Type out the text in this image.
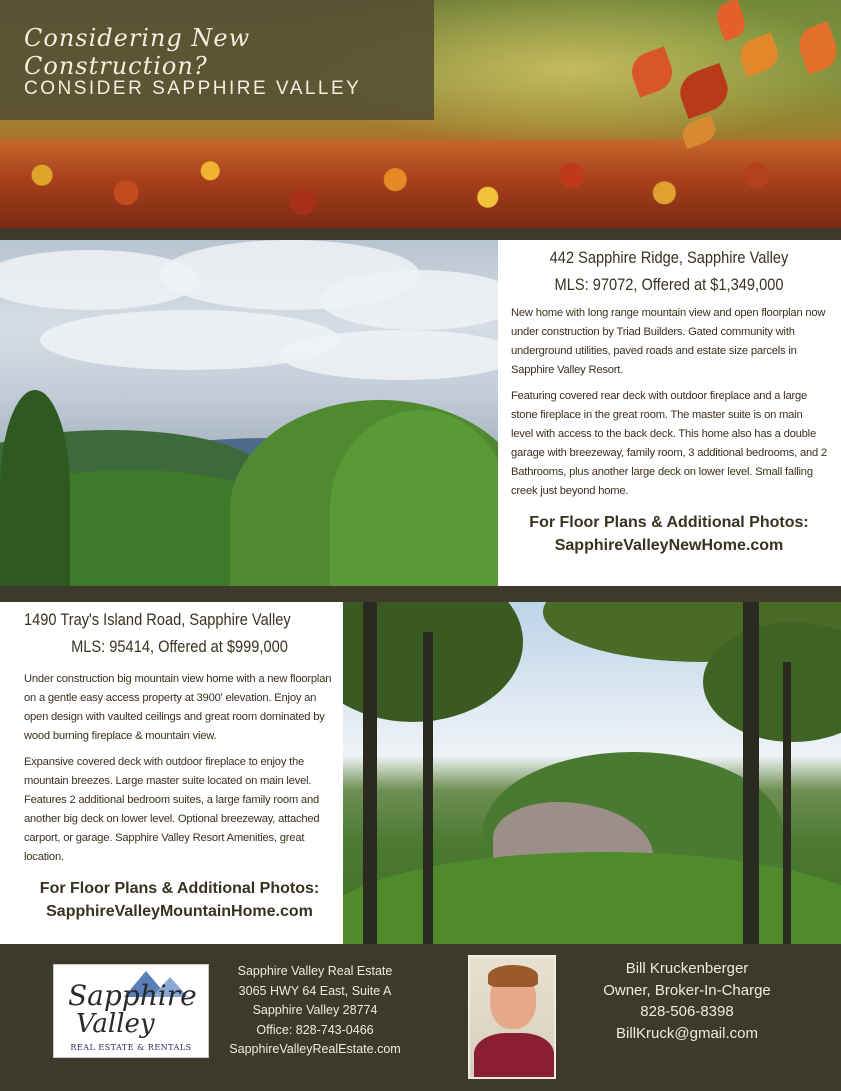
Considering New Construction?
CONSIDER SAPPHIRE VALLEY
442 Sapphire Ridge, Sapphire Valley
MLS: 97072, Offered at $1,349,000

New home with long range mountain view and open floorplan now under construction by Triad Builders. Gated community with underground utilities, paved roads and estate size parcels in Sapphire Valley Resort.

Featuring covered rear deck with outdoor fireplace and a large stone fireplace in the great room. The master suite is on main level with access to the back deck. This home also has a double garage with breezeway, family room, 3 additional bedrooms, and 2 Bathrooms, plus another large deck on lower level. Small falling creek just beyond home.

For Floor Plans & Additional Photos:
SapphireValleyNewHome.com
1490 Tray's Island Road, Sapphire Valley
MLS: 95414, Offered at $999,000

Under construction big mountain view home with a new floorplan on a gentle easy access property at 3900' elevation. Enjoy an open design with vaulted ceilings and great room dominated by wood burning fireplace & mountain view.

Expansive covered deck with outdoor fireplace to enjoy the mountain breezes. Large master suite located on main level. Features 2 additional bedroom suites, a large family room and another big deck on lower level. Optional breezeway, attached carport, or garage. Sapphire Valley Resort Amenities, great location.

For Floor Plans & Additional Photos:
SapphireValleyMountainHome.com
Sapphire
Valley
REAL ESTATE & RENTALS
Sapphire Valley Real Estate
3065 HWY 64 East, Suite A
Sapphire Valley 28774
Office: 828-743-0466
SapphireValleyRealEstate.com
Bill Kruckenberger
Owner, Broker-In-Charge
828-506-8398
BillKruck@gmail.com
